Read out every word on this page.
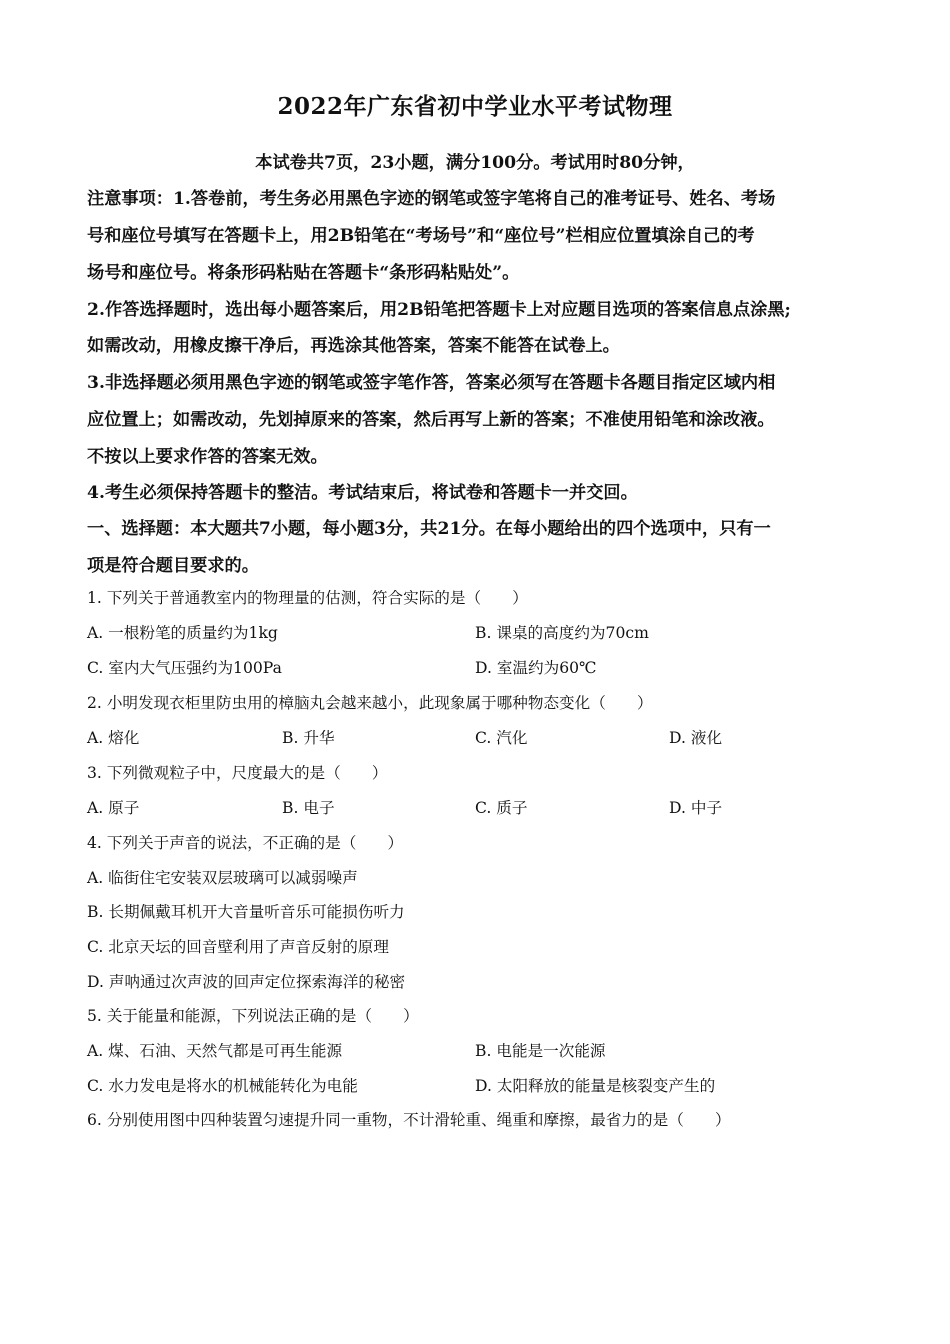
2022年广东省初中学业水平考试物理
本试卷共7页，23小题，满分100分。考试用时80分钟，
注意事项：1.答卷前，考生务必用黑色字迹的钢笔或签字笔将自己的准考证号、姓名、考场
号和座位号填写在答题卡上，用2B铅笔在“考场号”和“座位号”栏相应位置填涂自己的考
场号和座位号。将条形码粘贴在答题卡“条形码粘贴处”。
2.作答选择题时，选出每小题答案后，用2B铅笔把答题卡上对应题目选项的答案信息点涂黑;
如需改动，用橡皮擦干净后，再选涂其他答案，答案不能答在试卷上。
3.非选择题必须用黑色字迹的钢笔或签字笔作答，答案必须写在答题卡各题目指定区域内相
应位置上；如需改动，先划掉原来的答案，然后再写上新的答案；不准使用铅笔和涂改液。
不按以上要求作答的答案无效。
4.考生必须保持答题卡的整洁。考试结束后，将试卷和答题卡一并交回。
一、选择题：本大题共7小题，每小题3分，共21分。在每小题给出的四个选项中，只有一
项是符合题目要求的。
1. 下列关于普通教室内的物理量的估测，符合实际的是（　　）
A. 一根粉笔的质量约为1kg	B. 课桌的高度约为70cm
C. 室内大气压强约为100Pa	D. 室温约为60℃
2. 小明发现衣柜里防虫用的樟脑丸会越来越小，此现象属于哪种物态变化（　　）
A. 熔化	B. 升华	C. 汽化	D. 液化
3. 下列微观粒子中，尺度最大的是（　　）
A. 原子	B. 电子	C. 质子	D. 中子
4. 下列关于声音的说法，不正确的是（　　）
A. 临街住宅安装双层玻璃可以减弱噪声
B. 长期佩戴耳机开大音量听音乐可能损伤听力
C. 北京天坛的回音壁利用了声音反射的原理
D. 声呐通过次声波的回声定位探索海洋的秘密
5. 关于能量和能源，下列说法正确的是（　　）
A. 煤、石油、天然气都是可再生能源	B. 电能是一次能源
C. 水力发电是将水的机械能转化为电能	D. 太阳释放的能量是核裂变产生的
6. 分别使用图中四种装置匀速提升同一重物，不计滑轮重、绳重和摩擦，最省力的是（　　）
